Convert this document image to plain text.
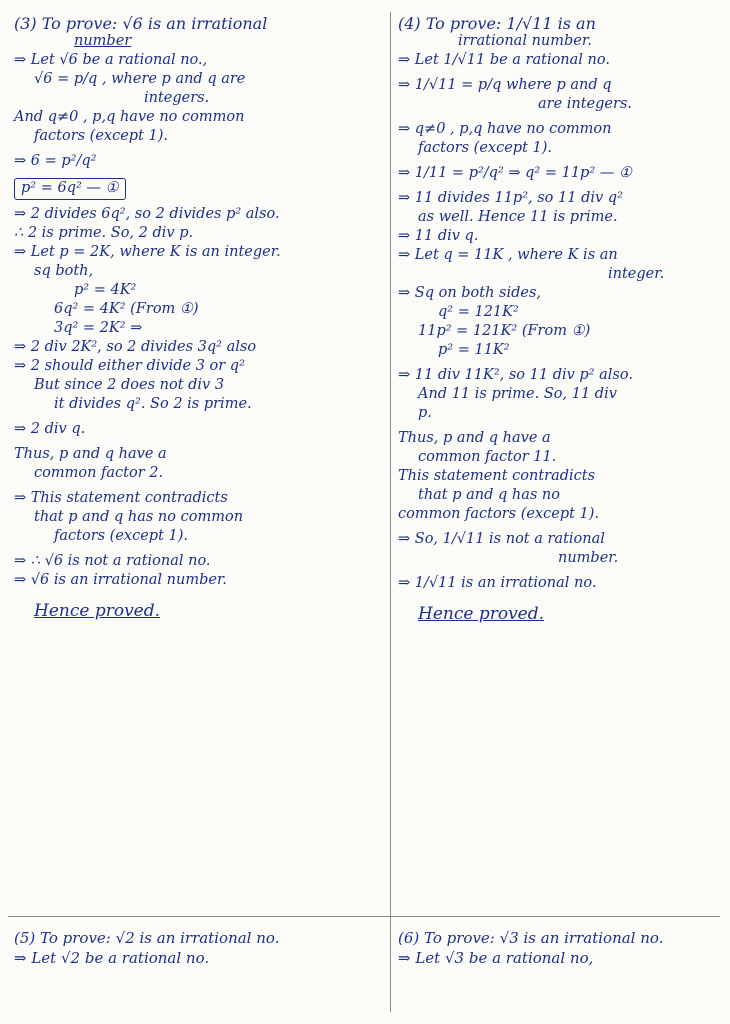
(3) To prove: √6 is an irrational

number

⇒ Let √6 be a rational no.,

√6 = p/q , where p and q are

integers.

And q≠0 , p,q have no common

factors (except 1).

⇒ 6 = p²/q²

p² = 6q² — ①

⇒ 2 divides 6q², so 2 divides p² also.

∴ 2 is prime. So, 2 div p.

⇒ Let p = 2K, where K is an integer.

sq both,

p² = 4K²

6q² = 4K² (From ①)

3q² = 2K² ⇒

⇒ 2 div 2K², so 2 divides 3q² also

⇒ 2 should either divide 3 or q²

But since 2 does not div 3

it divides q². So 2 is prime.

⇒ 2 div q.

Thus, p and q have a

common factor 2.

⇒ This statement contradicts

that p and q has no common

factors (except 1).

⇒ ∴ √6 is not a rational no.

⇒ √6 is an irrational number.

Hence proved.

(4) To prove: 1/√11 is an

irrational number.

⇒ Let 1/√11 be a rational no.

⇒ 1/√11 = p/q where p and q

are integers.

⇒ q≠0 , p,q have no common

factors (except 1).

⇒ 1/11 = p²/q² ⇒ q² = 11p² — ①

⇒ 11 divides 11p², so 11 div q²

as well. Hence 11 is prime.

⇒ 11 div q.

⇒ Let q = 11K , where K is an

integer.

⇒ Sq on both sides,

q² = 121K²

11p² = 121K² (From ①)

p² = 11K²

⇒ 11 div 11K², so 11 div p² also.

And 11 is prime. So, 11 div

p.

Thus, p and q have a

common factor 11.

This statement contradicts

that p and q has no

common factors (except 1).

⇒ So, 1/√11 is not a rational

number.

⇒ 1/√11 is an irrational no.

Hence proved.

(5) To prove: √2 is an irrational no.

⇒ Let √2 be a rational no.

(6) To prove: √3 is an irrational no.

⇒ Let √3 be a rational no,
